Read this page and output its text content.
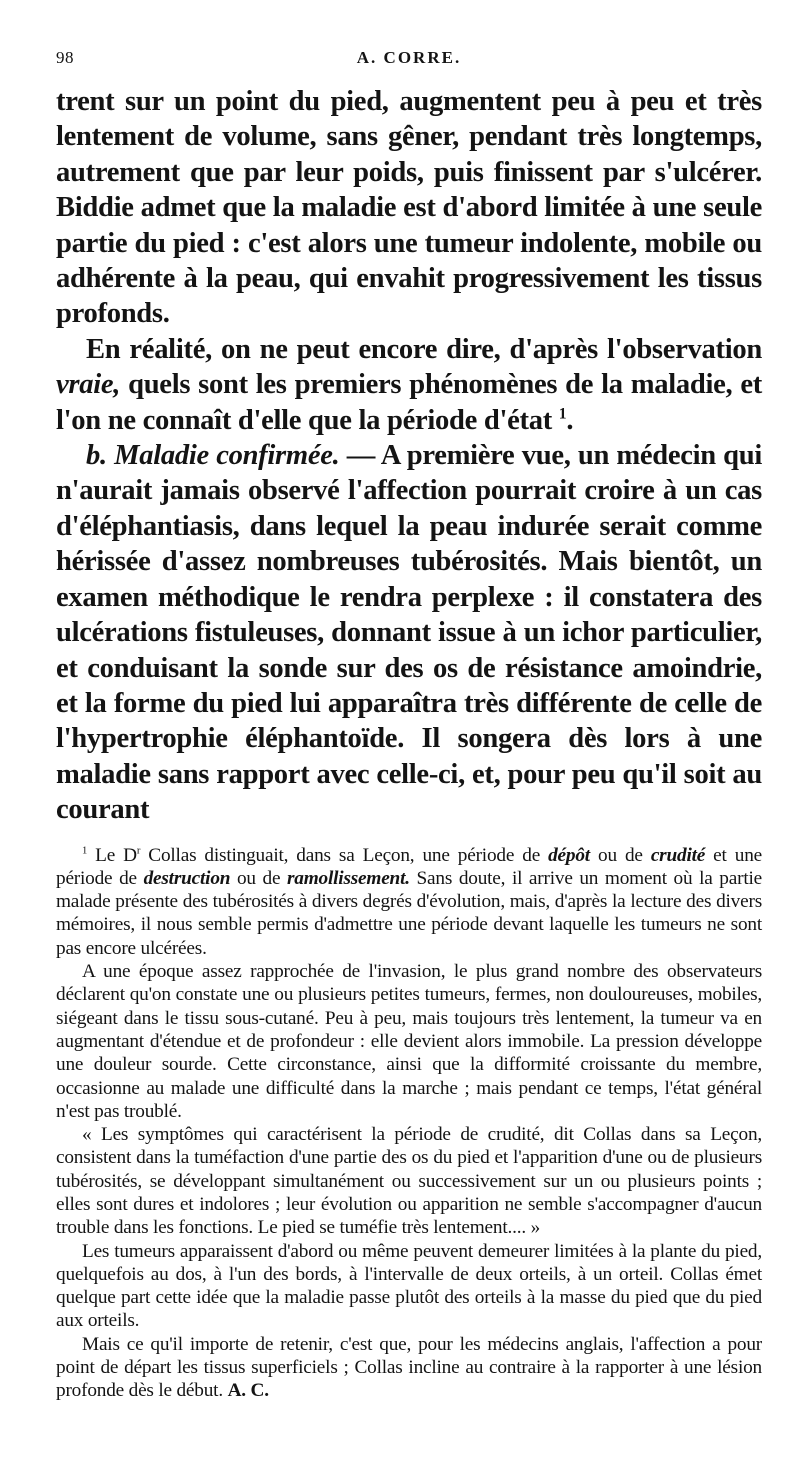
98	A. CORRE.

trent sur un point du pied, augmentent peu à peu et très lentement de volume, sans gêner, pendant très longtemps, autrement que par leur poids, puis finissent par s'ulcérer. Biddie admet que la maladie est d'abord limitée à une seule partie du pied : c'est alors une tumeur indolente, mobile ou adhérente à la peau, qui envahit progressivement les tissus profonds.

En réalité, on ne peut encore dire, d'après l'observation vraie, quels sont les premiers phénomènes de la maladie, et l'on ne connaît d'elle que la période d'état $^1$.

b. Maladie confirmée. — A première vue, un médecin qui n'aurait jamais observé l'affection pourrait croire à un cas d'éléphantiasis, dans lequel la peau indurée serait comme hérissée d'assez nombreuses tubérosités. Mais bientôt, un examen méthodique le rendra perplexe : il constatera des ulcérations fistuleuses, donnant issue à un ichor particulier, et conduisant la sonde sur des os de résistance amoindrie, et la forme du pied lui apparaîtra très différente de celle de l'hypertrophie éléphantoïde. Il songera dès lors à une maladie sans rapport avec celle-ci, et, pour peu qu'il soit au courant

$^1$ Le $D^r$ Collas distinguait, dans sa Leçon, une période de dépôt ou de crudité et une période de destruction ou de ramollissement. Sans doute, il arrive un moment où la partie malade présente des tubérosités à divers degrés d'évolution, mais, d'après la lecture des divers mémoires, il nous semble permis d'admettre une période devant laquelle les tumeurs ne sont pas encore ulcérées.

A une époque assez rapprochée de l'invasion, le plus grand nombre des observateurs déclarent qu'on constate une ou plusieurs petites tumeurs, fermes, non douloureuses, mobiles, siégeant dans le tissu sous-cutané. Peu à peu, mais toujours très lentement, la tumeur va en augmentant d'étendue et de profondeur : elle devient alors immobile. La pression développe une douleur sourde. Cette circonstance, ainsi que la difformité croissante du membre, occasionne au malade une difficulté dans la marche ; mais pendant ce temps, l'état général n'est pas troublé.

« Les symptômes qui caractérisent la période de crudité, dit Collas dans sa Leçon, consistent dans la tuméfaction d'une partie des os du pied et l'apparition d'une ou de plusieurs tubérosités, se développant simultanément ou successivement sur un ou plusieurs points ; elles sont dures et indolores ; leur évolution ou apparition ne semble s'accompagner d'aucun trouble dans les fonctions. Le pied se tuméfie très lentement.... »

Les tumeurs apparaissent d'abord ou même peuvent demeurer limitées à la plante du pied, quelquefois au dos, à l'un des bords, à l'intervalle de deux orteils, à un orteil. Collas émet quelque part cette idée que la maladie passe plutôt des orteils à la masse du pied que du pied aux orteils.

Mais ce qu'il importe de retenir, c'est que, pour les médecins anglais, l'affection a pour point de départ les tissus superficiels ; Collas incline au contraire à la rapporter à une lésion profonde dès le début. A. C.
